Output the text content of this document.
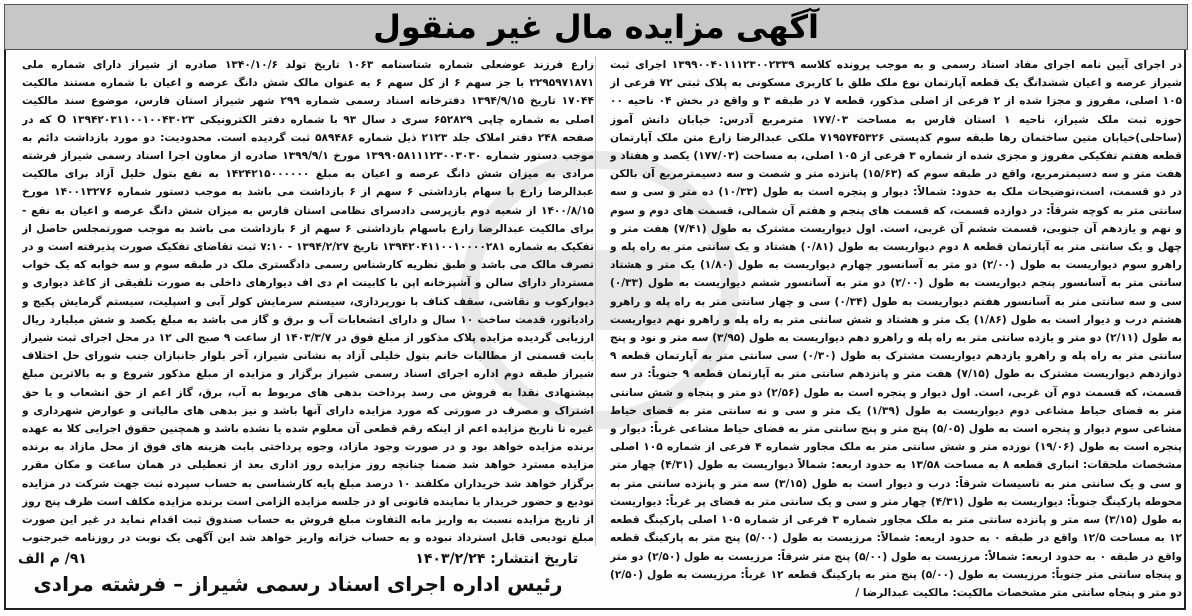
آگهی مزایده مال غیر منقول
در اجرای آیین نامه اجرای مفاد اسناد رسمی و به موجب پرونده کلاسه ۱۳۹۹۰۰۴۰۱۱۱۲۳۰۰۲۳۳۹ اجرای ثبت شیراز عرصه و اعیان ششدانگ یک قطعه آپارتمان نوع ملک طلق با کاربری مسکونی به پلاک ثبتی ۷۲ فرعی از ۱۰۵ اصلی، مفروز و مجزا شده از ۲ فرعی از اصلی مذکور، قطعه ۷ در طبقه ۳ و واقع در بخش ۰۴ ناحیه ۰۰ حوزه ثبت ملک شیراز، ناحیه ۱ استان فارس به مساحت ۱۷۷/۰۳ مترمربع آدرس: خیابان دانش آموز (ساحلی)خیابان متین ساختمان رها طبقه سوم کدپستی ۷۱۹۵۷۴۵۳۲۶ ملکی عبدالرضا زارع متن ملک آپارتمان قطعه هفتم تفکیکی مفروز و مجزی شده از شماره ۳ فرعی از ۱۰۵ اصلی، به مساحت (۱۷۷/۰۳) یکصد و هفتاد و هفت متر و سه دسیمترمربع، واقع در طبقه سوم که (۱۵/۶۳) پانزده متر و شصت و سه دسیمترمربع آن بالکن در دو قسمت، است،توضیحات ملک به حدود: شمالاً: دیوار و پنجره است به طول (۱۰/۳۳) ده متر و سی و سه سانتی متر به کوچه شرقاً: در دوازده قسمت، که قسمت های پنجم و هفتم آن شمالی، قسمت های دوم و سوم و نهم و یازدهم آن جنوبی، قسمت ششم آن غربی، است. اول دیواریست مشترک به طول (۷/۴۱) هفت متر و چهل و یک سانتی متر به آپارتمان قطعه ۸ دوم دیواریست به طول (۰/۸۱) هشتاد و یک سانتی متر به راه پله و راهرو سوم دیواریست به طول (۲/۰۰) دو متر به آسانسور چهارم دیواریست به طول (۱/۸۰) یک متر و هشتاد سانتی متر به آسانسور پنجم دیواریست به طول (۲/۰۰) دو متر به آسانسور ششم دیواریست به طول (۰/۳۳) سی و سه سانتی متر به آسانسور هفتم دیواریست به طول (۰/۳۴) سی و چهار سانتی متر به راه پله و راهرو هشتم درب و دیوار است به طول (۱/۸۶) یک متر و هشتاد و شش سانتی متر به راه پله و راهرو نهم دیواریست به طول (۲/۱۱) دو متر و یازده سانتی متر به راه پله و راهرو دهم دیواریست به طول (۳/۹۵) سه متر و نود و پنج سانتی متر به راه پله و راهرو یازدهم دیواریست مشترک به طول (۰/۳۰) سی سانتی متر به آپارتمان قطعه ۹ دوازدهم دیواریست مشترک به طول (۷/۱۵) هفت متر و پانزدهم سانتی متر به آپارتمان قطعه ۹ جنوباً: در سه قسمت، که قسمت دوم آن غربی، است. اول دیوار و پنجره است به طول (۲/۵۶) دو متر و پنجاه و شش سانتی متر به فضای حیاط مشاعی دوم دیواریست به طول (۱/۳۹) یک متر و سی و نه سانتی متر به فضای حیاط مشاعی سوم دیوار و پنجره است به طول (۵/۰۵) پنج متر و پنج سانتی متر به فضای حیاط مشاعی غرباً: دیوار و پنجره است به طول (۱۹/۰۶) نوزده متر و شش سانتی متر به ملک مجاور شماره ۴ فرعی از شماره ۱۰۵ اصلی مشخصات ملحقات: انباری قطعه ۸ به مساحت ۱۳/۵۸ به حدود اربعه: شمالاً دیواریست به طول (۴/۳۱) چهار متر و سی و یک سانتی متر به تاسیسات شرقاً: درب و دیوار است به طول (۳/۱۵) سه متر و پانزده سانتی متر به محوطه پارکینگ جنوباً: دیواریست به طول (۴/۳۱) چهار متر و سی و یک سانتی متر به فضای پر غرباً: دیواریست به طول (۳/۱۵) سه متر و پانزده سانتی متر به ملک مجاور شماره ۳ فرعی از شماره ۱۰۵ اصلی پارکینگ قطعه ۱۲ به مساحت ۱۲/۵ واقع در طبقه ۰ به حدود اربعه: شمالاً: مرزیست به طول (۵/۰۰) پنج متر به پارکینگ قطعه
زارع فرزند عوضعلی شماره شناسنامه ۱۰۶۳ تاریخ تولد ۱۳۴۰/۱۰/۶ صادره از شیراز دارای شماره ملی ۲۲۹۵۹۷۱۸۷۱ با جز سهم ۶ از کل سهم ۶ به عنوان مالک شش دانگ عرصه و اعیان با شماره مستند مالکیت ۱۷۰۴۴ تاریخ ۱۳۹۴/۹/۱۵ دفترخانه اسناد رسمی شماره ۲۹۹ شهر شیراز استان فارس، موضوع سند مالکیت اصلی به شماره چاپی ۶۵۲۸۲۹ سری د سال ۹۳ با شماره دفتر الکترونیکی ۱۳۹۴۲۰۳۱۱۰۰۱۰۰۴۳۰۲۳ O که در صفحه ۲۴۸ دفتر املاک جلد ۲۱۲۳ ذیل شماره ۵۸۹۴۸۶ ثبت گردیده است. محدودیت: دو مورد بازداشت دائم به موجب دستور شماره ۱۳۹۹۰۵۸۱۱۱۲۳۰۰۳۰۳۰ مورخ ۱۳۹۹/۹/۱ صادره از معاون اجرا اسناد رسمی شیراز فرشته مرادی به میزان شش دانگ عرصه و اعیان به مبلغ ۱۴۲۴۲۱۵۰۰۰۰۰۰ به نفع بتول خلیل آزاد برای مالکیت عبدالرضا زارع با سهام بازداشتی ۶ سهم از ۶ بازداشت می باشد به موجب دستور شماره ۱۴۰۰۱۳۲۷۶ مورخ ۱۴۰۰/۸/۱۵ از شعبه دوم بازپرسی دادسرای نظامی استان فارس به میزان شش دانگ عرصه و اعیان به نفع - برای مالکیت عبدالرضا زارع باسهام بازداشتی ۶ سهم از ۶ بازداشت می باشد به موجب صورتمجلس حاصل از تفکیک به شماره ۱۳۹۴۲۰۴۱۱۰۰۱۰۰۰۰۲۸۱ تاریخ ۱۳۹۴/۲/۲۷ - ۷:۱۰ ثبت تقاضای تفکیک صورت پذیرفته است و در تصرف مالک می باشد و طبق نظریه کارشناس رسمی دادگستری ملک در طبقه سوم و سه خوابه که یک خواب مستردار دارای سالن و آشپزخانه اپن با کابینت ام دی اف دیوارهای داخلی به صورت تلفیقی از کاغذ دیواری و دیوارکوب و نقاشی، سقف کناف با نورپردازی، سیستم سرمایش کولر آبی و اسپلیت، سیستم گرمایش پکیج و رادیاتور، قدمت ساخت ۱۰ سال و دارای انشعابات آب و برق و گاز می باشد به مبلغ یکصد و شش میلیارد ریال ارزیابی گردیده مزایده پلاک مذکور از مبلغ فوق در ۱۴۰۳/۳/۷ از ساعت ۹ صبح الی ۱۲ در محل اجرای ثبت شیراز بابت قسمتی از مطالبات خانم بتول خلیلی آزاد به نشانی شیراز، آخر بلوار جانبازان جنب شورای حل اختلاف شیراز طبقه دوم اداره اجرای اسناد رسمی شیراز برگزار و مزایده از مبلغ مذکور شروع و به بالاترین مبلغ پیشنهادی نقدا به فروش می رسد پرداخت بدهی های مربوط به آب، برق، گاز اعم از حق انشعاب و یا حق اشتراک و مصرف در صورتی که مورد مزایده دارای آنها باشد و نیز بدهی های مالیاتی و عوارض شهرداری و غیره تا تاریخ مزایده اعم از اینکه رقم قطعی آن معلوم شده یا نشده باشد و همچنین حقوق اجرایی کلا به عهده برنده مزایده خواهد بود و در صورت وجود مازاد، وجوه پرداختی بابت هزینه های فوق از محل مازاد به برنده مزایده مسترد خواهد شد ضمنا چنانچه روز مزایده روز اداری بعد از تعطیلی در همان ساعت و مکان مقرر برگزار خواهد شد خریداران مکلفند ۱۰ درصد مبلغ پایه کارشناسی به حساب سپرده ثبت جهت شرکت در مزایده تودیع و حضور خریدار یا نماینده قانونی او در جلسه مزایده الزامی است برنده مزایده مکلف است ظرف پنج روز از تاریخ مزایده نسبت به واریز مابه التفاوت مبلغ فروش به حساب صندوق ثبت اقدام نماید در غیر این صورت مبلغ تودیعی قابل استرداد نبوده و به حساب خزانه واریز خواهد شد این آگهی یک نوبت در روزنامه خبرجنوب
واقع در طبقه ۰ به حدود اربعه: شمالاً: مرزیست به طول (۵/۰۰) پنج متر شرقاً: مرزیست به طول (۲/۵۰) دو متر و پنجاه سانتی متر جنوباً: مرزیست به طول (۵/۰۰) پنج متر به پارکینگ قطعه ۱۲ غرباً: مرزیست به طول (۲/۵۰) دو متر و پنجاه سانتی متر مشخصات مالکیت: مالکیت عبدالرضا /
تاریخ انتشار: ۱۴۰۳/۲/۲۴
۹۱/ م الف
رئیس اداره اجرای اسناد رسمی شیراز – فرشته مرادی
